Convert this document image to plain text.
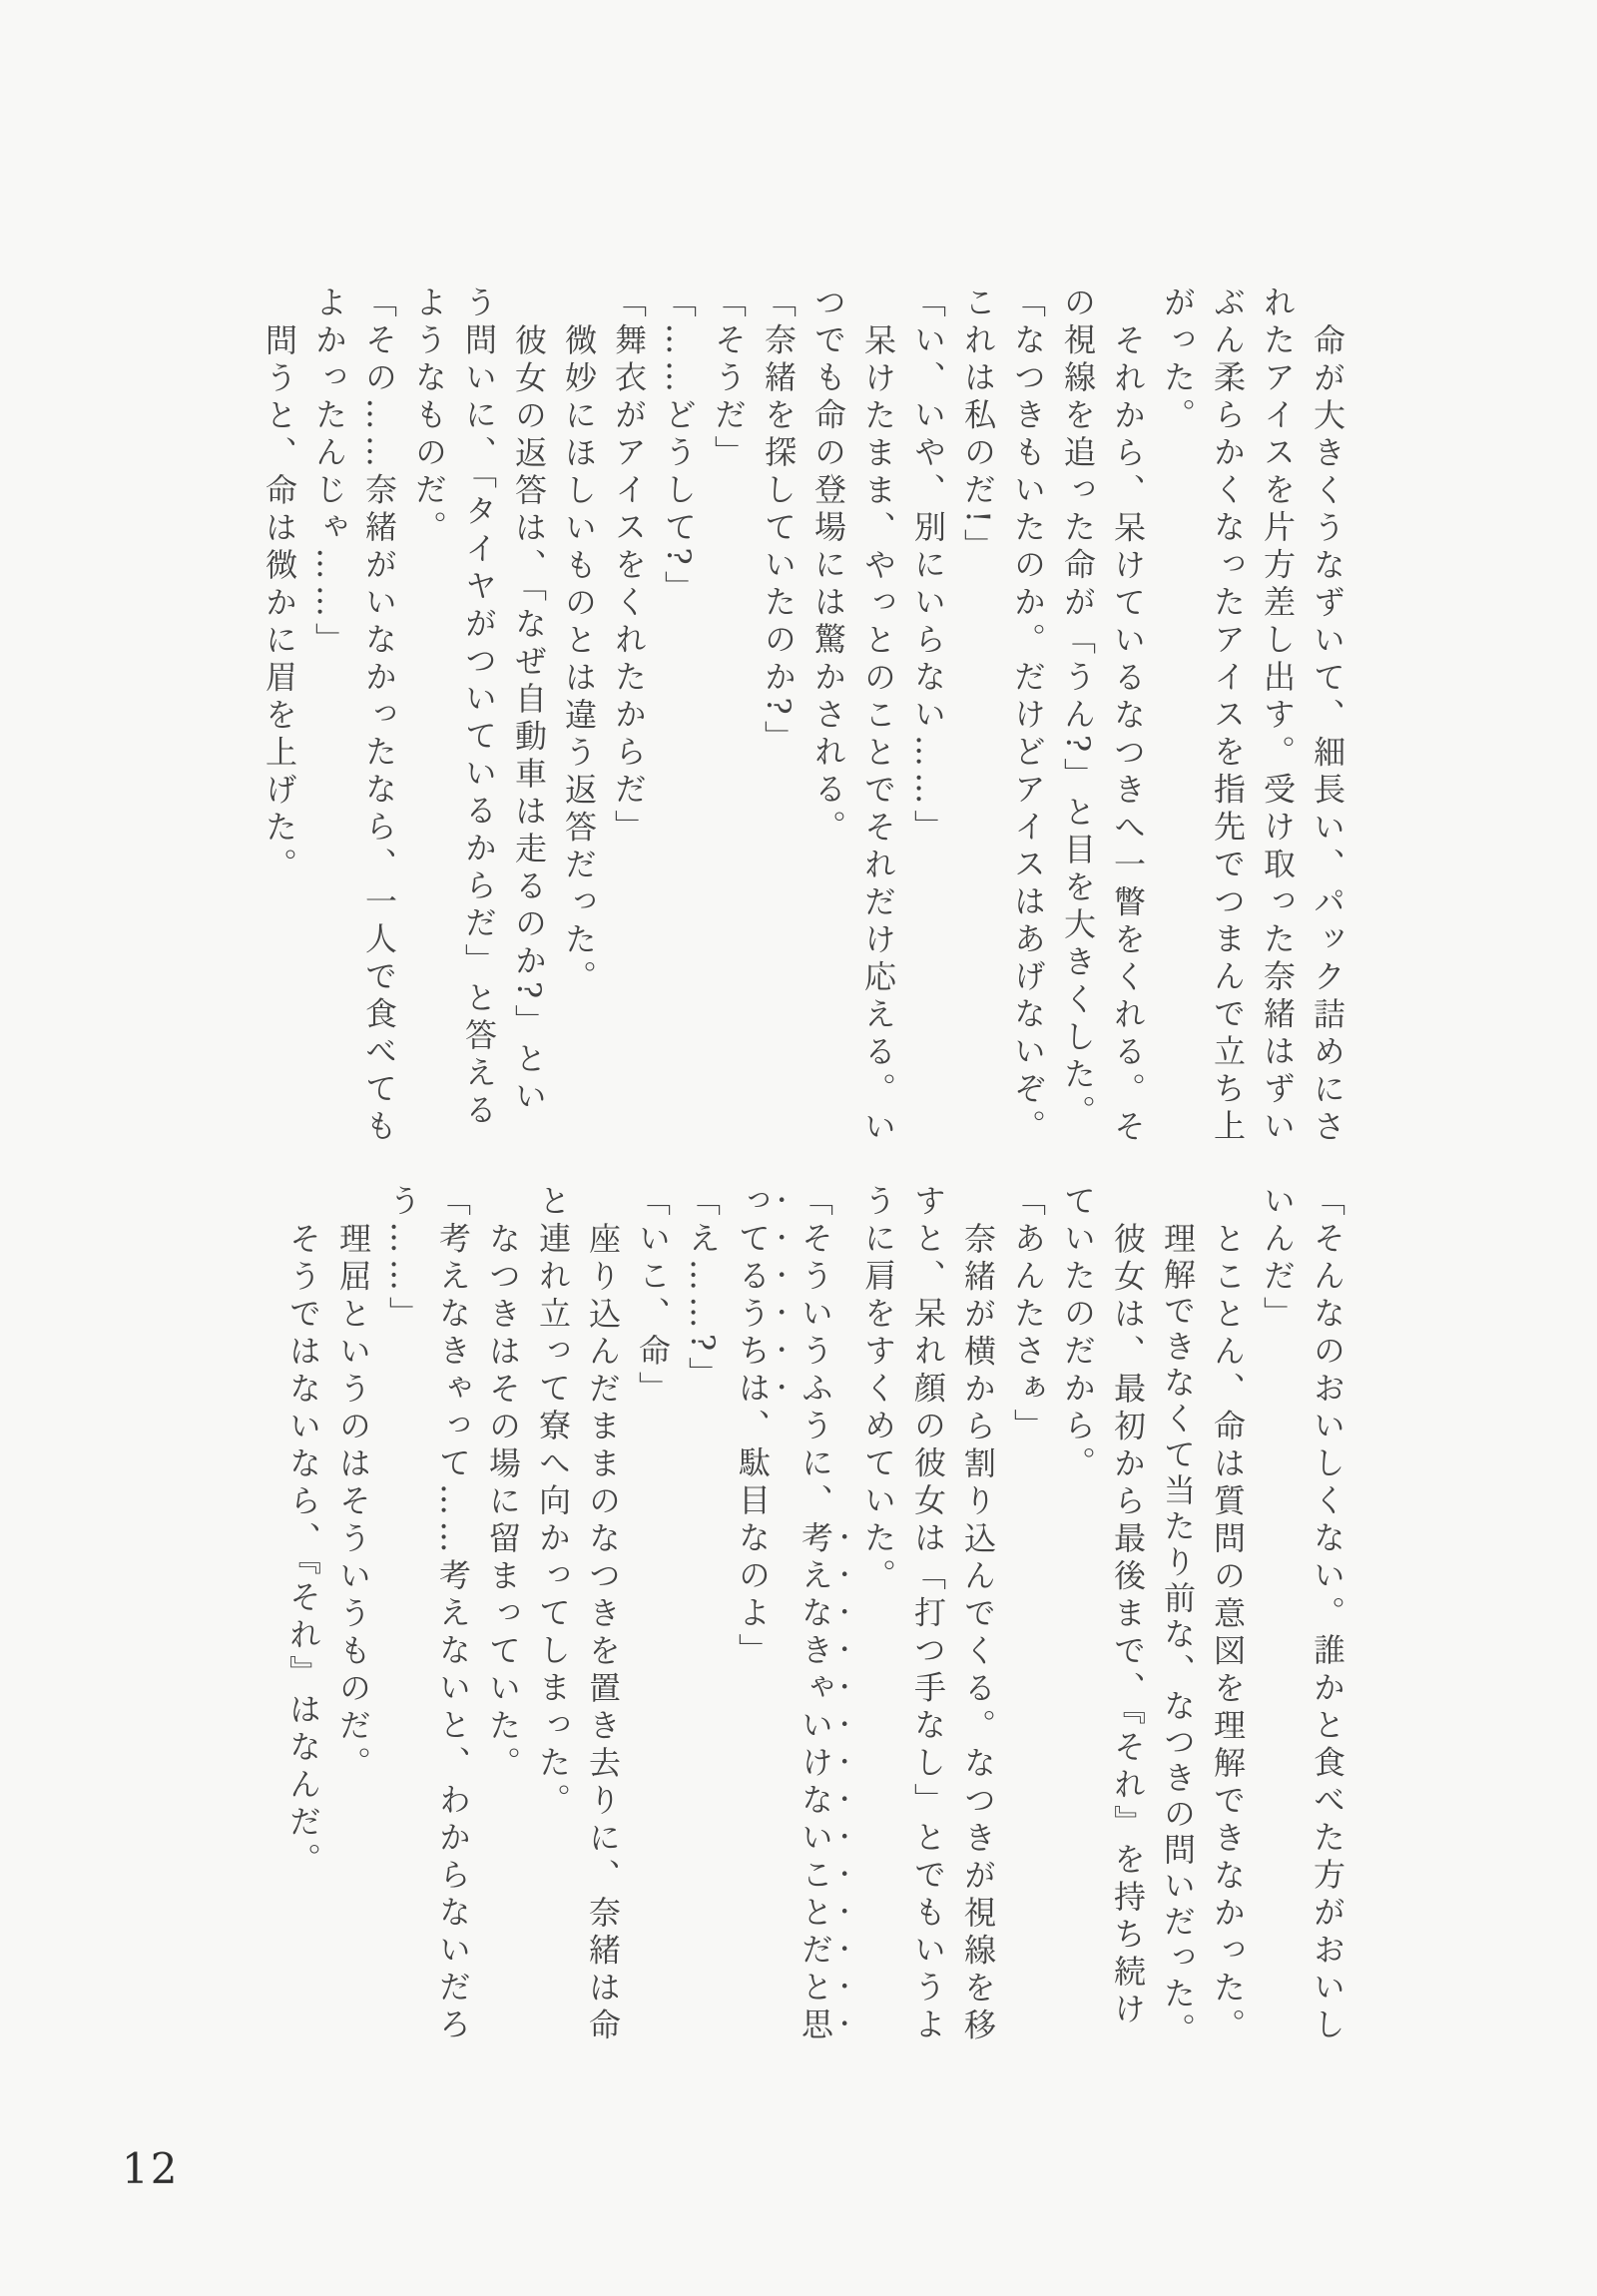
命が大きくうなずいて、細長い、パック詰めにさ

れたアイスを片方差し出す。受け取った奈緒はずい

ぶん柔らかくなったアイスを指先でつまんで立ち上

がった。

それから、呆けているなつきへ一瞥をくれる。そ

の視線を追った命が「うん?」と目を大きくした。

「なつきもいたのか。だけどアイスはあげないぞ。

これは私のだ!」

「い、いや、別にいらない……」

呆けたまま、やっとのことでそれだけ応える。い

つでも命の登場には驚かされる。

「奈緒を探していたのか?」

「そうだ」

「……どうして?」

「舞衣がアイスをくれたからだ」

微妙にほしいものとは違う返答だった。

彼女の返答は、「なぜ自動車は走るのか?」とい

う問いに、「タイヤがついているからだ」と答える

ようなものだ。

「その……奈緒がいなかったなら、一人で食べても

よかったんじゃ……」

問うと、命は微かに眉を上げた。

「そんなのおいしくない。誰かと食べた方がおいし

いんだ」

とことん、命は質問の意図を理解できなかった。

理解できなくて当たり前な、なつきの問いだった。

彼女は、最初から最後まで、『それ』を持ち続け

ていたのだから。

「あんたさぁ」

奈緒が横から割り込んでくる。なつきが視線を移

すと、呆れ顔の彼女は「打つ手なし」とでもいうよ

うに肩をすくめていた。

「そういうふうに、考えなきゃいけないことだと思

ってるうちは、駄目なのよ」

「え……?」

「いこ、命」

座り込んだままのなつきを置き去りに、奈緒は命

と連れ立って寮へ向かってしまった。

なつきはその場に留まっていた。

「考えなきゃって……考えないと、わからないだろ

う……」

理屈というのはそういうものだ。

そうではないなら、『それ』はなんだ。

12
